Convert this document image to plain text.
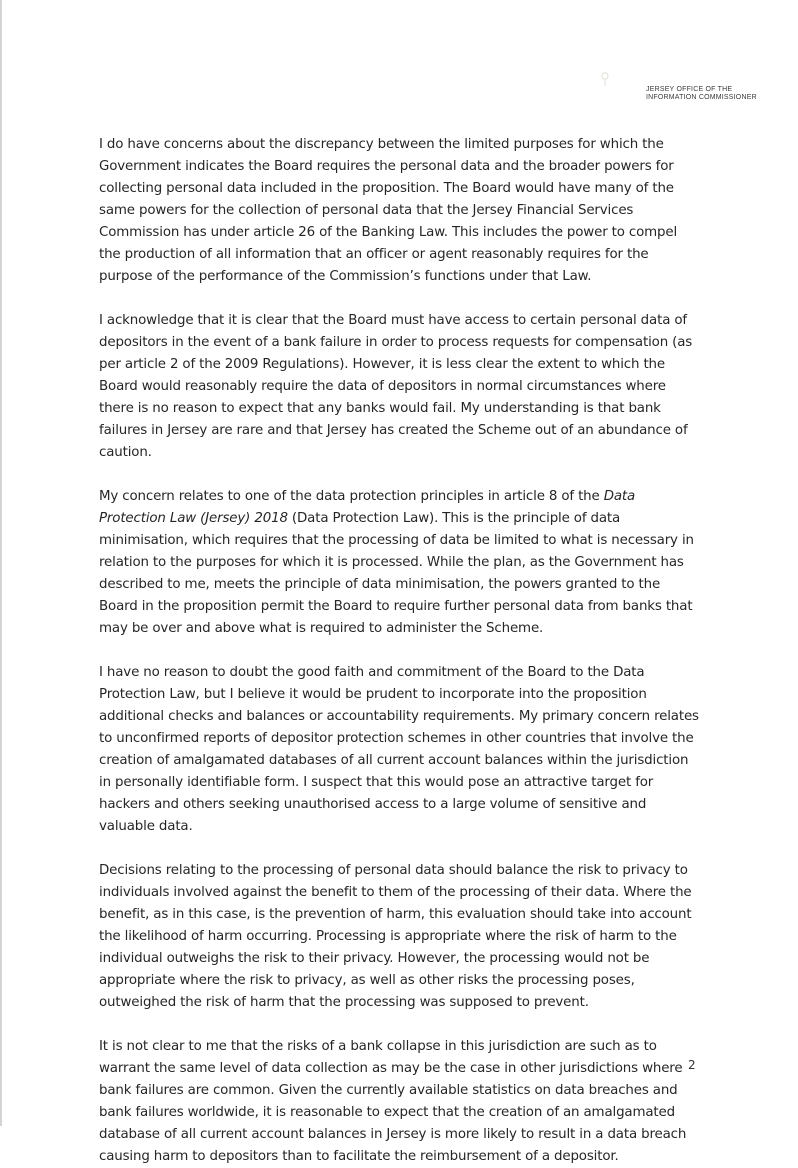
JERSEY OFFICE OF THE
INFORMATION COMMISSIONER

I do have concerns about the discrepancy between the limited purposes for which the Government indicates the Board requires the personal data and the broader powers for collecting personal data included in the proposition. The Board would have many of the same powers for the collection of personal data that the Jersey Financial Services Commission has under article 26 of the Banking Law. This includes the power to compel the production of all information that an officer or agent reasonably requires for the purpose of the performance of the Commission’s functions under that Law.

I acknowledge that it is clear that the Board must have access to certain personal data of depositors in the event of a bank failure in order to process requests for compensation (as per article 2 of the 2009 Regulations). However, it is less clear the extent to which the Board would reasonably require the data of depositors in normal circumstances where there is no reason to expect that any banks would fail. My understanding is that bank failures in Jersey are rare and that Jersey has created the Scheme out of an abundance of caution.

My concern relates to one of the data protection principles in article 8 of the Data Protection Law (Jersey) 2018 (Data Protection Law). This is the principle of data minimisation, which requires that the processing of data be limited to what is necessary in relation to the purposes for which it is processed. While the plan, as the Government has described to me, meets the principle of data minimisation, the powers granted to the Board in the proposition permit the Board to require further personal data from banks that may be over and above what is required to administer the Scheme.

I have no reason to doubt the good faith and commitment of the Board to the Data Protection Law, but I believe it would be prudent to incorporate into the proposition additional checks and balances or accountability requirements. My primary concern relates to unconfirmed reports of depositor protection schemes in other countries that involve the creation of amalgamated databases of all current account balances within the jurisdiction in personally identifiable form. I suspect that this would pose an attractive target for hackers and others seeking unauthorised access to a large volume of sensitive and valuable data.

Decisions relating to the processing of personal data should balance the risk to privacy to individuals involved against the benefit to them of the processing of their data. Where the benefit, as in this case, is the prevention of harm, this evaluation should take into account the likelihood of harm occurring. Processing is appropriate where the risk of harm to the individual outweighs the risk to their privacy. However, the processing would not be appropriate where the risk to privacy, as well as other risks the processing poses, outweighed the risk of harm that the processing was supposed to prevent.

It is not clear to me that the risks of a bank collapse in this jurisdiction are such as to warrant the same level of data collection as may be the case in other jurisdictions where bank failures are common. Given the currently available statistics on data breaches and bank failures worldwide, it is reasonable to expect that the creation of an amalgamated database of all current account balances in Jersey is more likely to result in a data breach causing harm to depositors than to facilitate the reimbursement of a depositor.

2
